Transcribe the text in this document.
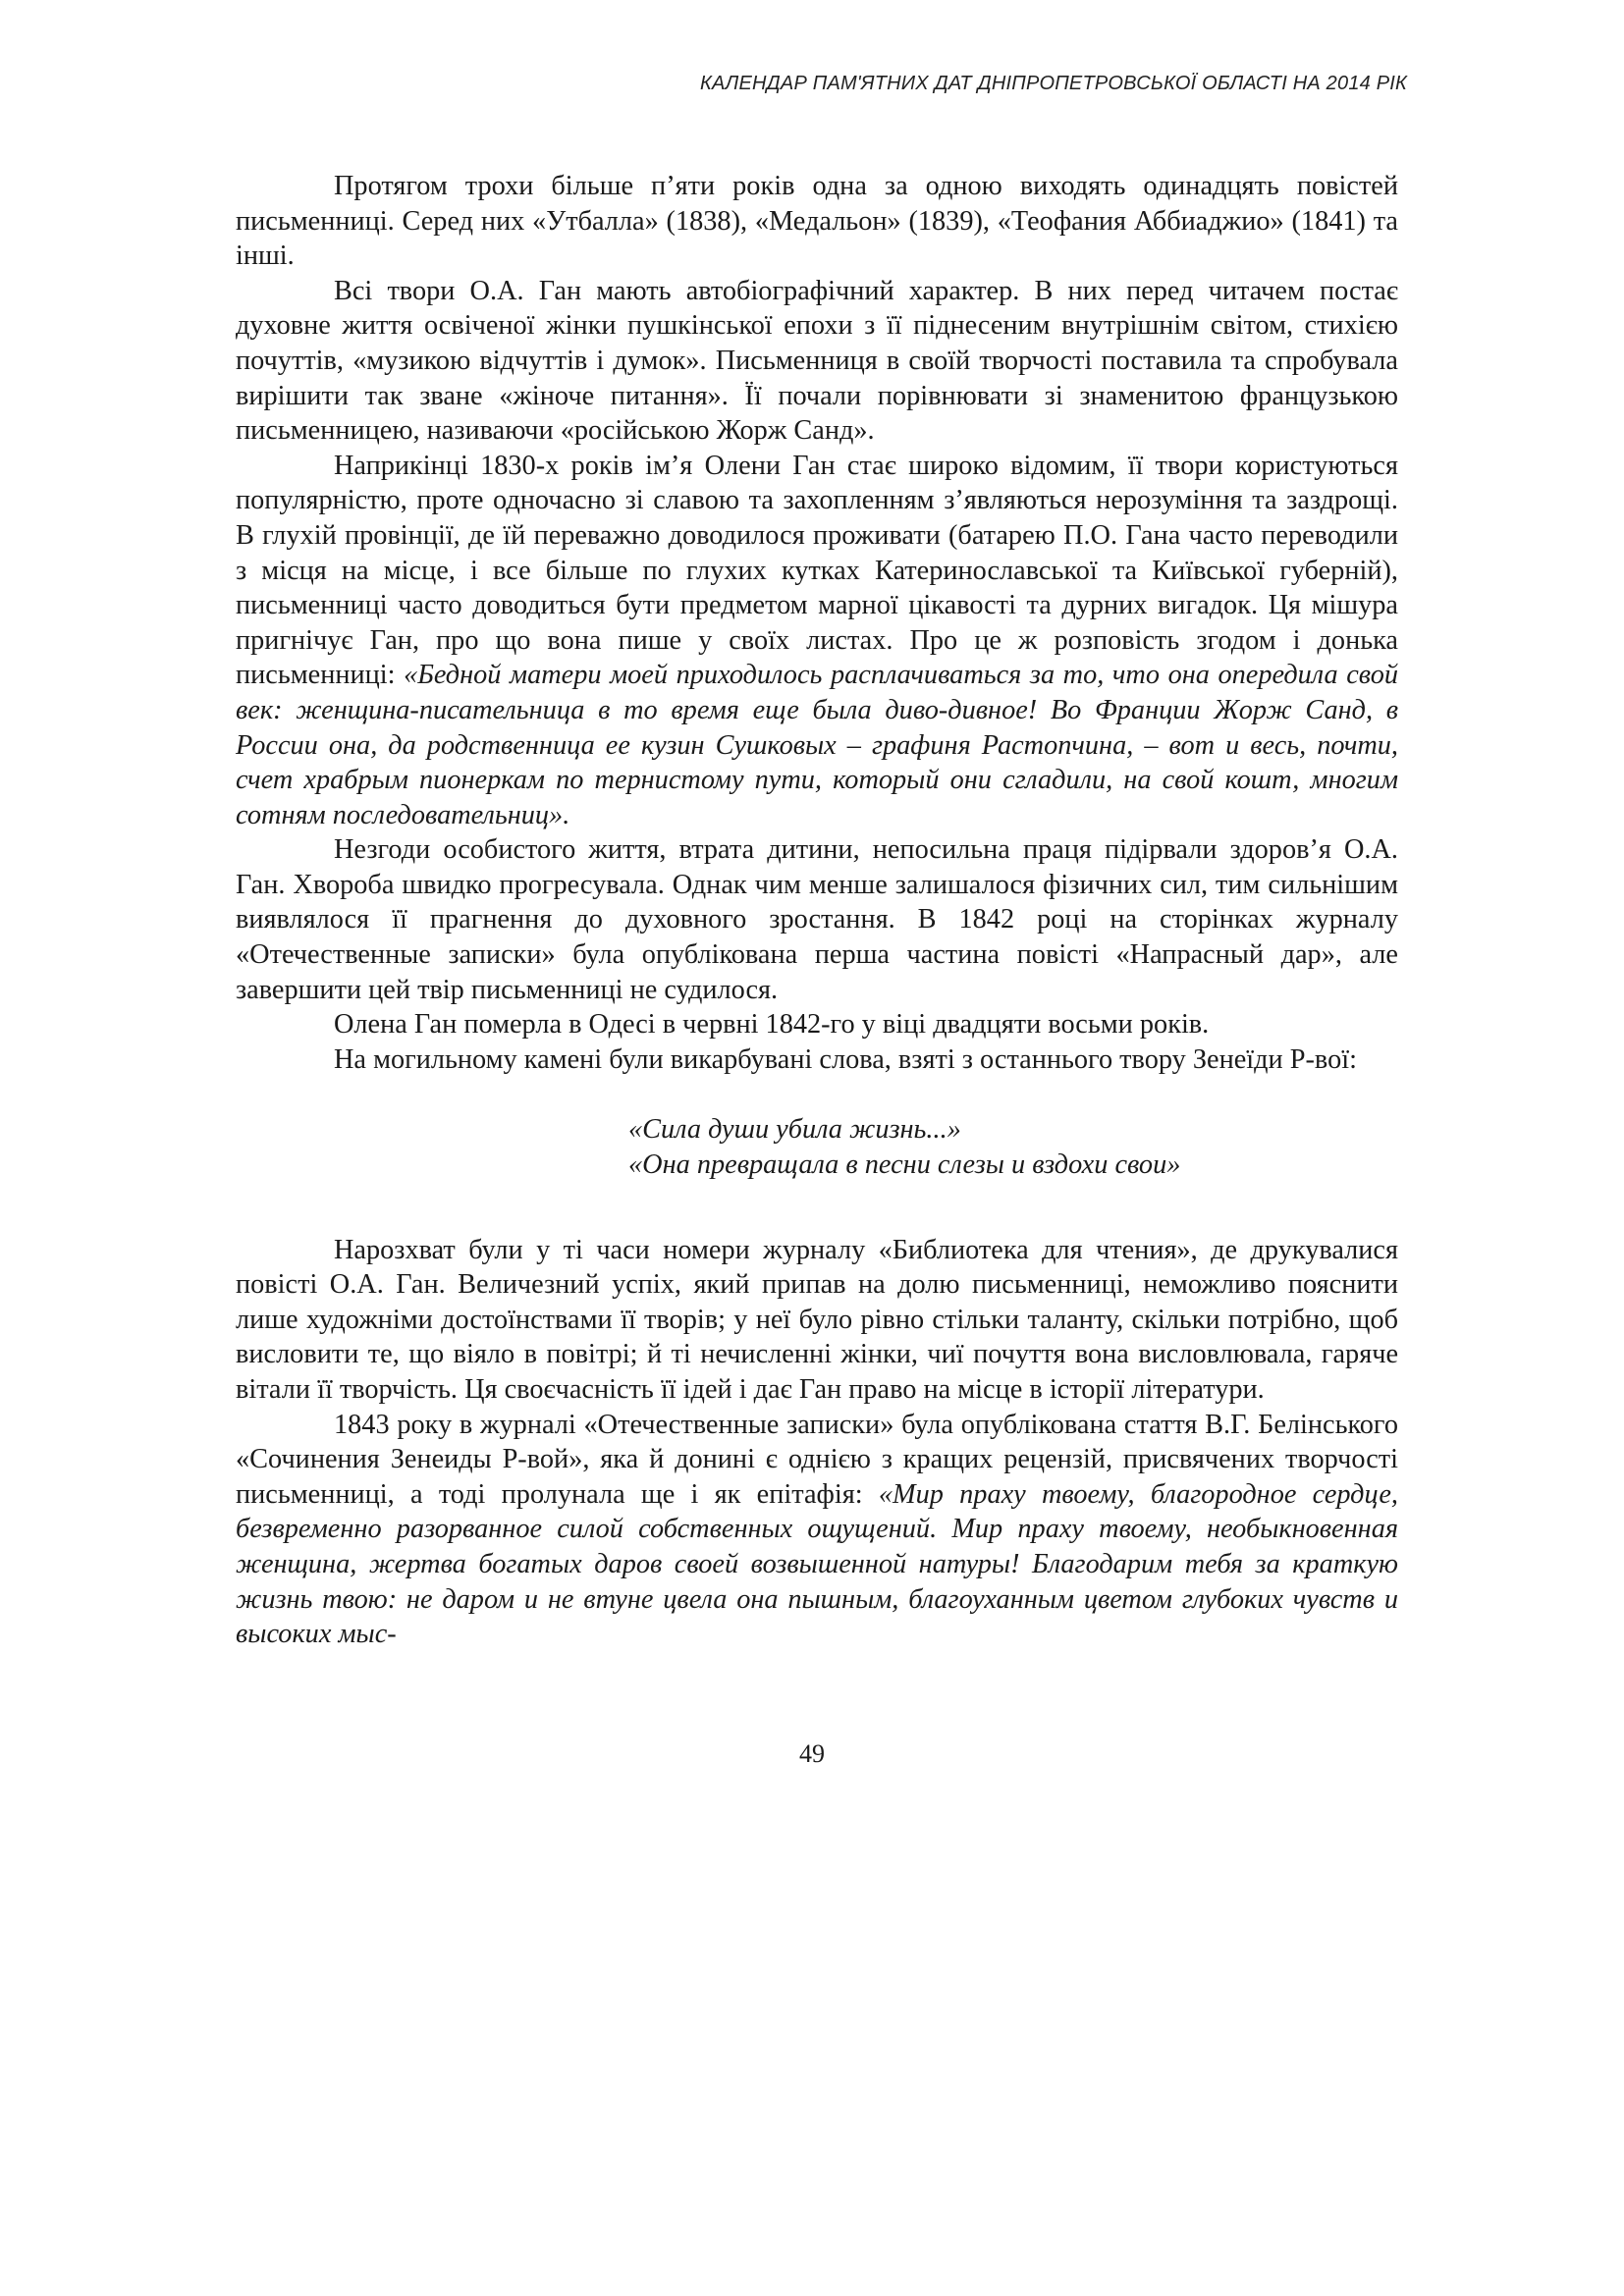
КАЛЕНДАР ПАМ'ЯТНИХ ДАТ ДНІПРОПЕТРОВСЬКОЇ ОБЛАСТІ НА 2014 РІК

Протягом трохи більше п’яти років одна за одною виходять одинадцять повістей письменниці. Серед них «Утбалла» (1838), «Медальон» (1839), «Теофания Аббиаджио» (1841) та інші.

Всі твори О.А. Ган мають автобіографічний характер. В них перед читачем постає духовне життя освіченої жінки пушкінської епохи з її піднесеним внутрішнім світом, стихією почуттів, «музикою відчуттів і думок». Письменниця в своїй творчості поставила та спробувала вирішити так зване «жіноче питання». Її почали порівнювати зі знаменитою французькою письменницею, називаючи «російською Жорж Санд».

Наприкінці 1830-х років ім’я Олени Ган стає широко відомим, її твори користуються популярністю, проте одночасно зі славою та захопленням з’являються нерозуміння та заздрощі. В глухій провінції, де їй переважно доводилося проживати (батарею П.О. Гана часто переводили з місця на місце, і все більше по глухих кутках Катеринославської та Київської губерній), письменниці часто доводиться бути предметом марної цікавості та дурних вигадок. Ця мішура пригнічує Ган, про що вона пише у своїх листах. Про це ж розповість згодом і донька письменниці: «Бедной матери моей приходилось расплачиваться за то, что она опередила свой век: женщина-писательница в то время еще была диво-дивное! Во Франции Жорж Санд, в России она, да родственница ее кузин Сушковых – графиня Растопчина, – вот и весь, почти, счет храбрым пионеркам по тернистому пути, который они сгладили, на свой кошт, многим сотням последовательниц».

Незгоди особистого життя, втрата дитини, непосильна праця підірвали здоров’я О.А. Ган. Хвороба швидко прогресувала. Однак чим менше залишалося фізичних сил, тим сильнішим виявлялося її прагнення до духовного зростання. В 1842 році на сторінках журналу «Отечественные записки» була опублікована перша частина повісті «Напрасный дар», але завершити цей твір письменниці не судилося.

Олена Ган померла в Одесі в червні 1842-го у віці двадцяти восьми років.

На могильному камені були викарбувані слова, взяті з останнього твору Зенеїди Р-вої:

«Сила души убила жизнь...»
«Она превращала в песни слезы и вздохи свои»

Нарозхват були у ті часи номери журналу «Библиотека для чтения», де друкувалися повісті О.А. Ган. Величезний успіх, який припав на долю письменниці, неможливо пояснити лише художніми достоїнствами її творів; у неї було рівно стільки таланту, скільки потрібно, щоб висловити те, що віяло в повітрі; й ті нечисленні жінки, чиї почуття вона висловлювала, гаряче вітали її творчість. Ця своєчасність її ідей і дає Ган право на місце в історії літератури.

1843 року в журналі «Отечественные записки» була опублікована стаття В.Г. Белінського «Сочинения Зенеиды Р-вой», яка й донині є однією з кращих рецензій, присвячених творчості письменниці, а тоді пролунала ще і як епітафія: «Мир праху твоему, благородное сердце, безвременно разорванное силой собственных ощущений. Мир праху твоему, необыкновенная женщина, жертва богатых даров своей возвышенной натуры! Благодарим тебя за краткую жизнь твою: не даром и не втуне цвела она пышным, благоуханным цветом глубоких чувств и высоких мыс-

49
